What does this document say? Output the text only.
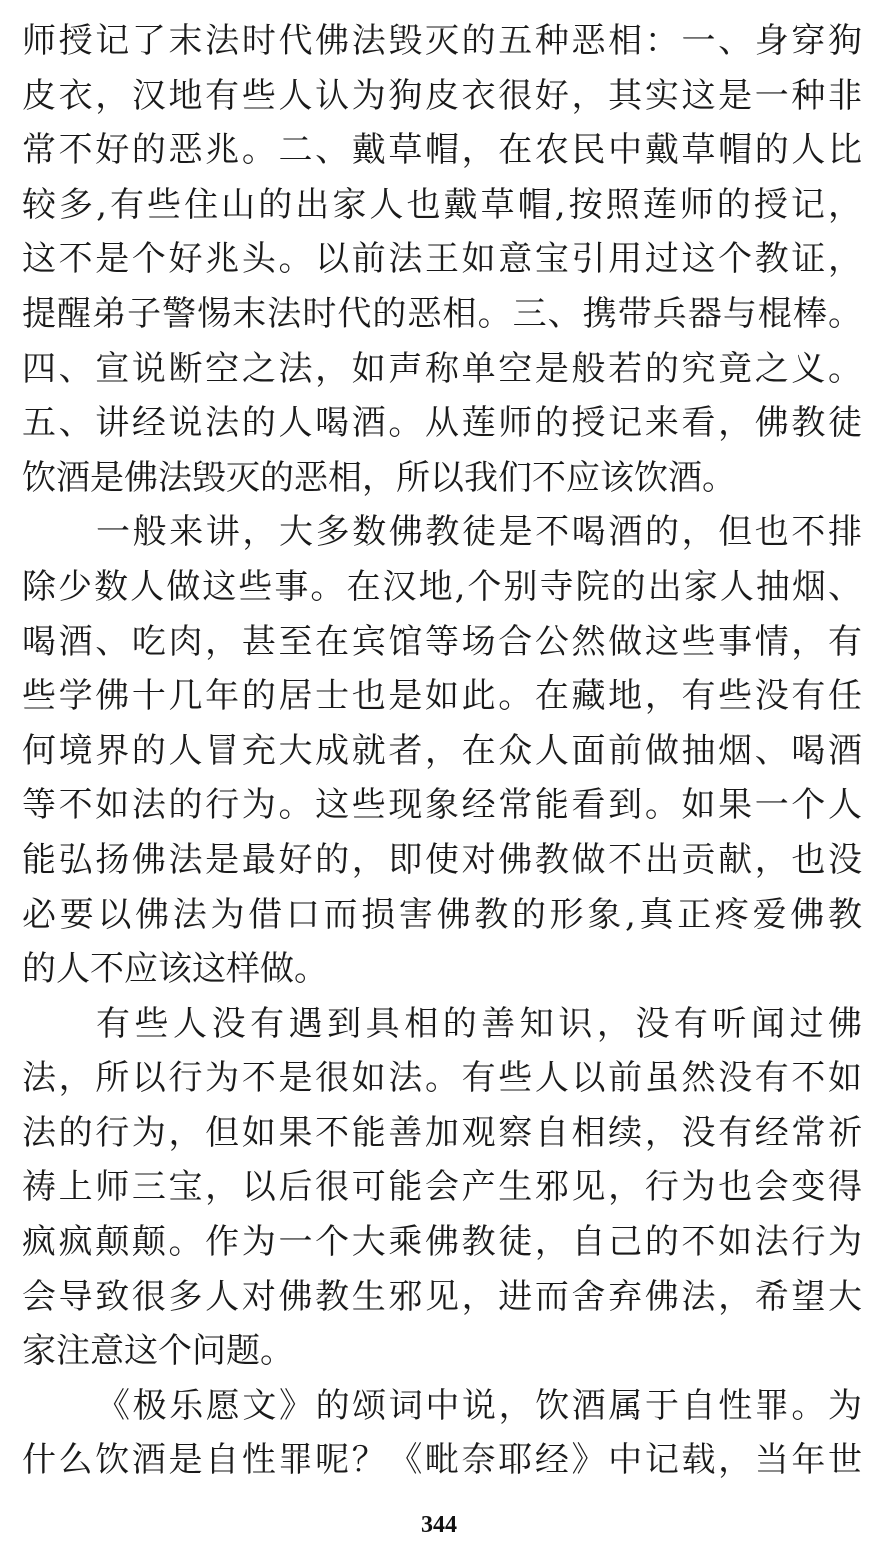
师授记了末法时代佛法毁灭的五种恶相：一、身穿狗
皮衣，汉地有些人认为狗皮衣很好，其实这是一种非
常不好的恶兆。二、戴草帽，在农民中戴草帽的人比
较多,有些住山的出家人也戴草帽,按照莲师的授记，
这不是个好兆头。以前法王如意宝引用过这个教证，
提醒弟子警惕末法时代的恶相。三、携带兵器与棍棒。
四、宣说断空之法，如声称单空是般若的究竟之义。
五、讲经说法的人喝酒。从莲师的授记来看，佛教徒
饮酒是佛法毁灭的恶相，所以我们不应该饮酒。
一般来讲，大多数佛教徒是不喝酒的，但也不排
除少数人做这些事。在汉地,个别寺院的出家人抽烟、
喝酒、吃肉，甚至在宾馆等场合公然做这些事情，有
些学佛十几年的居士也是如此。在藏地，有些没有任
何境界的人冒充大成就者，在众人面前做抽烟、喝酒
等不如法的行为。这些现象经常能看到。如果一个人
能弘扬佛法是最好的，即使对佛教做不出贡献，也没
必要以佛法为借口而损害佛教的形象,真正疼爱佛教
的人不应该这样做。
有些人没有遇到具相的善知识，没有听闻过佛
法，所以行为不是很如法。有些人以前虽然没有不如
法的行为，但如果不能善加观察自相续，没有经常祈
祷上师三宝，以后很可能会产生邪见，行为也会变得
疯疯颠颠。作为一个大乘佛教徒，自己的不如法行为
会导致很多人对佛教生邪见，进而舍弃佛法，希望大
家注意这个问题。
《极乐愿文》的颂词中说，饮酒属于自性罪。为
什么饮酒是自性罪呢？《毗奈耶经》中记载，当年世
344
